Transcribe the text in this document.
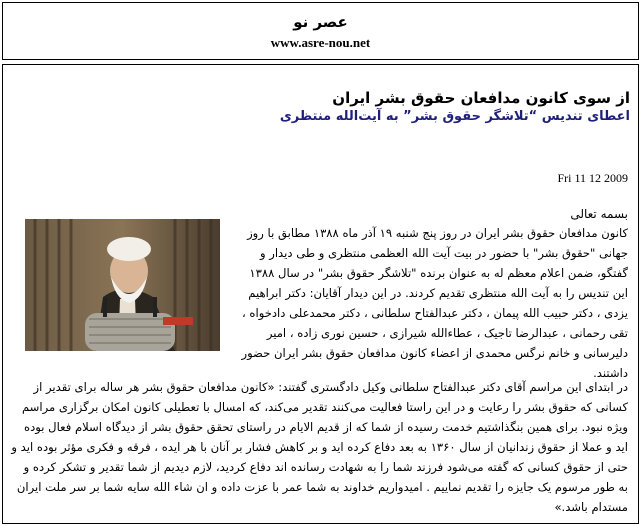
عصر نو
www.asre-nou.net
از سوی کانون مدافعان حقوق بشر ایران
اعطای تندیس “تلاشگر حقوق بشر” به آیت‌الله منتظری
Fri 11 12 2009
بسمه تعالی

کانون مدافعان حقوق بشر ایران در روز پنج شنبه ۱۹ آذر ماه ۱۳۸۸ مطابق با روز جهانی "حقوق بشر" با حضور در بیت آیت الله العظمی منتظری و طی دیدار و گفتگو، ضمن اعلام معظم له به عنوان برنده "تلاشگر حقوق بشر" در سال ۱۳۸۸ این تندیس را به آیت الله منتظری تقدیم کردند. در این دیدار آقایان: دکتر ابراهیم یزدی ، دکتر حبیب الله پیمان ، دکتر عبدالفتاح سلطانی ، دکتر محمدعلی دادخواه ، تقی رحمانی ، عبدالرضا تاجیک ، عطاءالله شیرازی ، حسین نوری زاده ، امیر دلیرسانی و خانم نرگس محمدی از اعضاء کانون مدافعان حقوق بشر ایران حضور داشتند.

در ابتدای این مراسم آقای دکتر عبدالفتاح سلطانی وکیل دادگستری گفتند: «کانون مدافعان حقوق بشر هر ساله برای تقدیر از کسانی که حقوق بشر را رعایت و در این راستا فعالیت می‌کنند تقدیر می‌کند، که امسال با تعطیلی کانون امکان برگزاری مراسم ویژه نبود. برای همین بنگذاشتیم خدمت رسیده از شما که از قدیم الایام در راستای تحقق حقوق بشر از دیدگاه اسلام فعال بوده اید و عملا از حقوق زندانیان از سال ۱۳۶۰ به بعد دفاع کرده اید و بر کاهش فشار بر آنان با هر ایده ، فرقه و فکری مؤثر بوده اید و حتی از حقوق کسانی که گفته می‌شود فرزند شما را به شهادت رسانده اند دفاع کردید، لازم دیدیم از شما تقدیر و تشکر کرده و به طور مرسوم یک جایزه را تقدیم نماییم . امیدواریم خداوند به شما عمر با عزت داده و ان شاء الله سایه شما بر سر ملت ایران مستدام باشد.»
